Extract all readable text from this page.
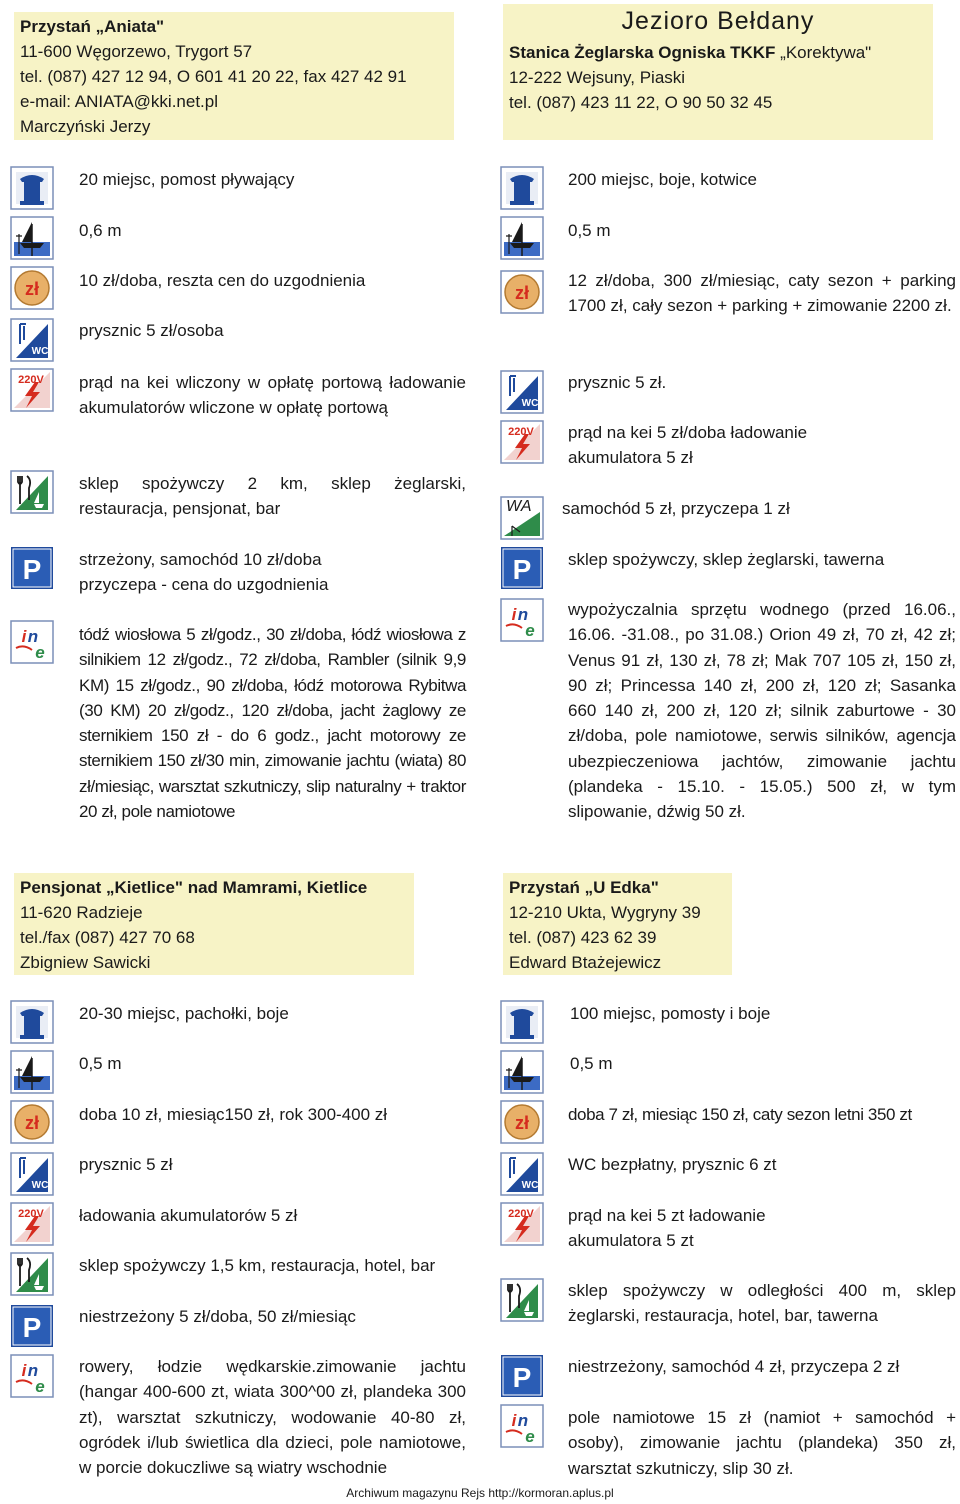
Przystań „Aniata"
11-600 Węgorzewo, Trygort 57
tel. (087) 427 12 94, O 601 41 20 22, fax 427 42 91
e-mail: ANIATA@kki.net.pl
Marczyński Jerzy
Jezioro Bełdany
Stanica Żeglarska Ogniska TKKF „Korektywa"
12-222 Wejsuny, Piaski
tel. (087) 423 11 22, O 90 50 32 45
20 miejsc, pomost pływający
0,6 m
10 zł/doba, reszta cen do uzgodnienia
prysznic 5 zł/osoba
prąd na kei wliczony w opłatę portową ładowanie akumulatorów wliczone w opłatę portową
sklep spożywczy 2 km, sklep żeglarski, restauracja, pensjonat, bar
strzeżony, samochód 10 zł/doba przyczepa - cena do uzgodnienia
tódź wiosłowa 5 zł/godz., 30 zł/doba, łódź wiosłowa z silnikiem 12 zł/godz., 72 zł/doba, Rambler (silnik 9,9 KM) 15 zł/godz., 90 zł/doba, łódź motorowa Rybitwa (30 KM) 20 zł/godz., 120 zł/doba, jacht żaglowy ze sternikiem 150 zł - do 6 godz., jacht motorowy ze sternikiem 150 zł/30 min, zimowanie jachtu (wiata) 80 zł/miesiąc, warsztat szkutniczy, slip naturalny + traktor 20 zł, pole namiotowe
WA
200 miejsc, boje, kotwice
0,5 m
12 zł/doba, 300 zł/miesiąc, caty sezon + parking 1700 zł, cały sezon + parking + zimowanie 2200 zł.
prysznic 5 zł.
prąd na kei 5 zł/doba ładowanie akumulatora 5 zł
samochód 5 zł, przyczepa 1 zł
sklep spożywczy, sklep żeglarski, tawerna
wypożyczalnia sprzętu wodnego (przed 16.06., 16.06. -31.08., po 31.08.) Orion 49 zł, 70 zł, 42 zł; Venus 91 zł, 130 zł, 78 zł; Mak 707 105 zł, 150 zł, 90 zł; Princessa 140 zł, 200 zł, 120 zł; Sasanka 660 140 zł, 200 zł, 120 zł; silnik zaburtowe - 30 zł/doba, pole namiotowe, serwis silników, agencja ubezpieczeniowa jachtów, zimowanie jachtu (plandeka - 15.10. - 15.05.) 500 zł, w tym slipowanie, dźwig 50 zł.
Pensjonat „Kietlice" nad Mamrami, Kietlice
11-620 Radzieje
tel./fax (087) 427 70 68
Zbigniew Sawicki
Przystań „U Edka"
12-210 Ukta, Wygryny 39
tel. (087) 423 62 39
Edward Btażejewicz
20-30 miejsc, pachołki, boje
0,5 m
doba 10 zł, miesiąc150 zł, rok 300-400 zł
prysznic 5 zł
ładowania akumulatorów 5 zł
sklep spożywczy 1,5 km, restauracja, hotel, bar
niestrzeżony 5 zł/doba, 50 zł/miesiąc
rowery, łodzie wędkarskie.zimowanie jachtu (hangar 400-600 zt, wiata 300^00 zł, plandeka 300 zt), warsztat szkutniczy, wodowanie 40-80 zł, ogródek i/lub świetlica dla dzieci, pole namiotowe, w porcie dokuczliwe są wiatry wschodnie
100 miejsc, pomosty i boje
0,5 m
doba 7 zł, miesiąc 150 zł, caty sezon letni 350 zt
WC bezpłatny, prysznic 6 zt
prąd na kei 5 zt ładowanie akumulatora 5 zt
sklep spożywczy w odległości 400 m, sklep żeglarski, restauracja, hotel, bar, tawerna
niestrzeżony, samochód 4 zł, przyczepa 2 zł
pole namiotowe 15 zł (namiot + samochód + osoby), zimowanie jachtu (plandeka) 350 zł, warsztat szkutniczy, slip 30 zł.
Archiwum magazynu Rejs http://kormoran.aplus.pl
